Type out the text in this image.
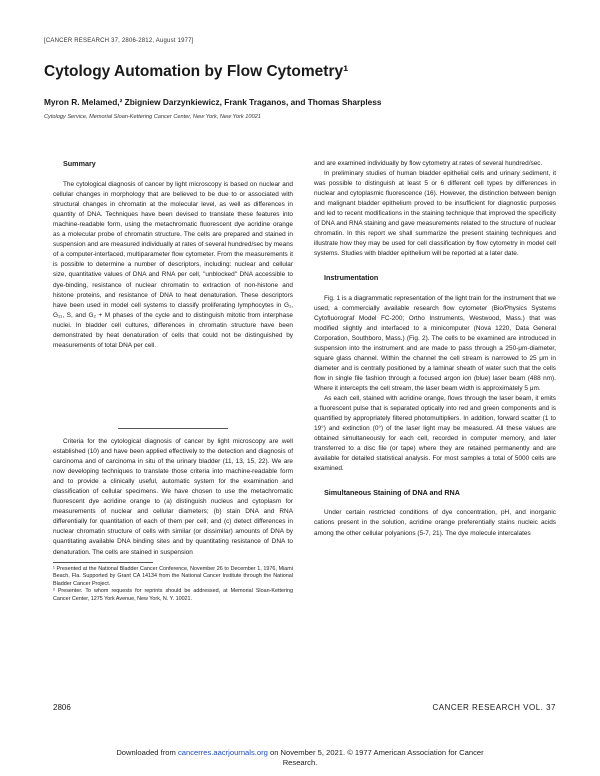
[CANCER RESEARCH 37, 2806-2812, August 1977]
Cytology Automation by Flow Cytometry¹
Myron R. Melamed,² Zbigniew Darzynkiewicz, Frank Traganos, and Thomas Sharpless
Cytology Service, Memorial Sloan-Kettering Cancer Center, New York, New York 10021

Summary

The cytological diagnosis of cancer by light microscopy is based on nuclear and cellular changes in morphology that are believed to be due to or associated with structural changes in chromatin at the molecular level, as well as differences in quantity of DNA. Techniques have been devised to translate these features into machine-readable form, using the metachromatic fluorescent dye acridine orange as a molecular probe of chromatin structure. The cells are prepared and stained in suspension and are measured individually at rates of several hundred/sec by means of a computer-interfaced, multiparameter flow cytometer. From the measurements it is possible to determine a number of descriptors, including: nuclear and cellular size, quantitative values of DNA and RNA per cell, "unblocked" DNA accessible to dye-binding, resistance of nuclear chromatin to extraction of non-histone and histone proteins, and resistance of DNA to heat denaturation. These descriptors have been used in model cell systems to classify proliferating lymphocytes in G₁, G₁₁, S, and G₂ + M phases of the cycle and to distinguish mitotic from interphase nuclei. In bladder cell cultures, differences in chromatin structure have been demonstrated by heat denaturation of cells that could not be distinguished by measurements of total DNA per cell.

Criteria for the cytological diagnosis of cancer by light microscopy are well established (10) and have been applied effectively to the detection and diagnosis of carcinoma and of carcinoma in situ of the urinary bladder (11, 13, 15, 22). We are now developing techniques to translate those criteria into machine-readable form and to provide a clinically useful, automatic system for the examination and classification of cellular specimens. We have chosen to use the metachromatic fluorescent dye acridine orange to (a) distinguish nucleus and cytoplasm for measurements of nuclear and cellular diameters; (b) stain DNA and RNA differentially for quantitation of each of them per cell; and (c) detect differences in nuclear chromatin structure of cells with similar (or dissimilar) amounts of DNA by quantitating available DNA binding sites and by quantitating resistance of DNA to denaturation. The cells are stained in suspension

and are examined individually by flow cytometry at rates of several hundred/sec.

In preliminary studies of human bladder epithelial cells and urinary sediment, it was possible to distinguish at least 5 or 6 different cell types by differences in nuclear and cytoplasmic fluorescence (16). However, the distinction between benign and malignant bladder epithelium proved to be insufficient for diagnostic purposes and led to recent modifications in the staining technique that improved the specificity of DNA and RNA staining and gave measurements related to the structure of nuclear chromatin. In this report we shall summarize the present staining techniques and illustrate how they may be used for cell classification by flow cytometry in model cell systems. Studies with bladder epithelium will be reported at a later date.

Instrumentation

Fig. 1 is a diagrammatic representation of the light train for the instrument that we used, a commercially available research flow cytometer (Bio/Physics Systems Cytofluorograf Model FC-200; Ortho Instruments, Westwood, Mass.) that was modified slightly and interfaced to a minicomputer (Nova 1220, Data General Corporation, Southboro, Mass.) (Fig. 2). The cells to be examined are introduced in suspension into the instrument and are made to pass through a 250-μm-diameter, square glass channel. Within the channel the cell stream is narrowed to 25 μm in diameter and is centrally positioned by a laminar sheath of water such that the cells flow in single file fashion through a focused argon ion (blue) laser beam (488 nm). Where it intercepts the cell stream, the laser beam width is approximately 5 μm.

As each cell, stained with acridine orange, flows through the laser beam, it emits a fluorescent pulse that is separated optically into red and green components and is quantified by appropriately filtered photomultipliers. In addition, forward scatter (1 to 19°) and extinction (0°) of the laser light may be measured. All these values are obtained simultaneously for each cell, recorded in computer memory, and later transferred to a disc file (or tape) where they are retained permanently and are available for detailed statistical analysis. For most samples a total of 5000 cells are examined.

Simultaneous Staining of DNA and RNA

Under certain restricted conditions of dye concentration, pH, and inorganic cations present in the solution, acridine orange preferentially stains nucleic acids among the other cellular polyanions (5-7, 21). The dye molecule intercalates

¹ Presented at the National Bladder Cancer Conference, November 26 to December 1, 1976, Miami Beach, Fla. Supported by Grant CA 14134 from the National Cancer Institute through the National Bladder Cancer Project.

² Presenter. To whom requests for reprints should be addressed, at Memorial Sloan-Kettering Cancer Center, 1275 York Avenue, New York, N. Y. 10021.

2806	CANCER RESEARCH VOL. 37
Downloaded from cancerres.aacrjournals.org on November 5, 2021. © 1977 American Association for Cancer
Research.
